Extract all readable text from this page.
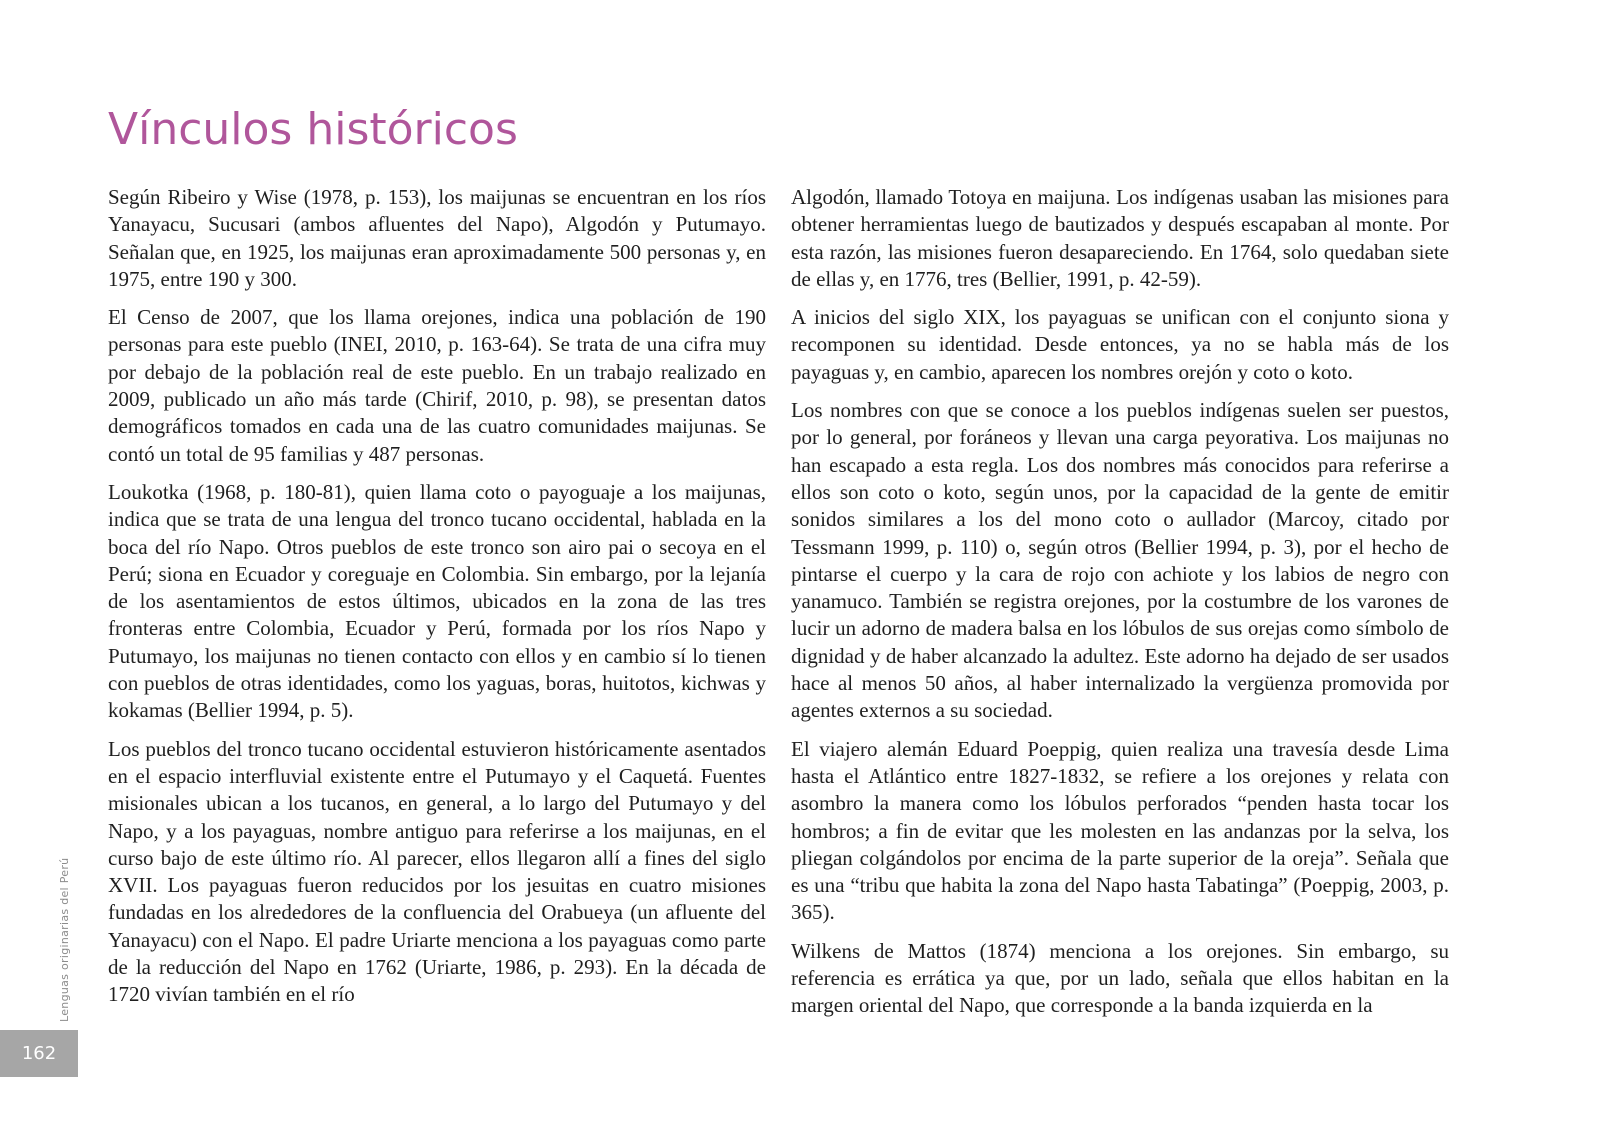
Vínculos históricos

Según Ribeiro y Wise (1978, p. 153), los maijunas se encuentran en los ríos Yanayacu, Sucusari (ambos afluentes del Napo), Algodón y Putumayo. Señalan que, en 1925, los maijunas eran aproximadamente 500 personas y, en 1975, entre 190 y 300.

El Censo de 2007, que los llama orejones, indica una población de 190 personas para este pueblo (INEI, 2010, p. 163-64). Se trata de una cifra muy por debajo de la población real de este pueblo. En un trabajo realizado en 2009, publicado un año más tarde (Chirif, 2010, p. 98), se presentan datos demográficos tomados en cada una de las cuatro comunidades maijunas. Se contó un total de 95 familias y 487 personas.

Loukotka (1968, p. 180-81), quien llama coto o payoguaje a los maijunas, indica que se trata de una lengua del tronco tucano occidental, hablada en la boca del río Napo. Otros pueblos de este tronco son airo pai o secoya en el Perú; siona en Ecuador y coreguaje en Colombia. Sin embargo, por la lejanía de los asentamientos de estos últimos, ubicados en la zona de las tres fronteras entre Colombia, Ecuador y Perú, formada por los ríos Napo y Putumayo, los maijunas no tienen contacto con ellos y en cambio sí lo tienen con pueblos de otras identidades, como los yaguas, boras, huitotos, kichwas y kokamas (Bellier 1994, p. 5).

Los pueblos del tronco tucano occidental estuvieron históricamente asentados en el espacio interfluvial existente entre el Putumayo y el Caquetá. Fuentes misionales ubican a los tucanos, en general, a lo largo del Putumayo y del Napo, y a los payaguas, nombre antiguo para referirse a los maijunas, en el curso bajo de este último río. Al parecer, ellos llegaron allí a fines del siglo XVII. Los payaguas fueron reducidos por los jesuitas en cuatro misiones fundadas en los alrededores de la confluencia del Orabueya (un afluente del Yanayacu) con el Napo. El padre Uriarte menciona a los payaguas como parte de la reducción del Napo en 1762 (Uriarte, 1986, p. 293). En la década de 1720 vivían también en el río

Algodón, llamado Totoya en maijuna. Los indígenas usaban las misiones para obtener herramientas luego de bautizados y después escapaban al monte. Por esta razón, las misiones fueron desapareciendo. En 1764, solo quedaban siete de ellas y, en 1776, tres (Bellier, 1991, p. 42-59).

A inicios del siglo XIX, los payaguas se unifican con el conjunto siona y recomponen su identidad. Desde entonces, ya no se habla más de los payaguas y, en cambio, aparecen los nombres orejón y coto o koto.

Los nombres con que se conoce a los pueblos indígenas suelen ser puestos, por lo general, por foráneos y llevan una carga peyorativa. Los maijunas no han escapado a esta regla. Los dos nombres más conocidos para referirse a ellos son coto o koto, según unos, por la capacidad de la gente de emitir sonidos similares a los del mono coto o aullador (Marcoy, citado por Tessmann 1999, p. 110) o, según otros (Bellier 1994, p. 3), por el hecho de pintarse el cuerpo y la cara de rojo con achiote y los labios de negro con yanamuco. También se registra orejones, por la costumbre de los varones de lucir un adorno de madera balsa en los lóbulos de sus orejas como símbolo de dignidad y de haber alcanzado la adultez. Este adorno ha dejado de ser usados hace al menos 50 años, al haber internalizado la vergüenza promovida por agentes externos a su sociedad.

El viajero alemán Eduard Poeppig, quien realiza una travesía desde Lima hasta el Atlántico entre 1827-1832, se refiere a los orejones y relata con asombro la manera como los lóbulos perforados “penden hasta tocar los hombros; a fin de evitar que les molesten en las andanzas por la selva, los pliegan colgándolos por encima de la parte superior de la oreja”. Señala que es una “tribu que habita la zona del Napo hasta Tabatinga” (Poeppig, 2003, p. 365).

Wilkens de Mattos (1874) menciona a los orejones. Sin embargo, su referencia es errática ya que, por un lado, señala que ellos habitan en la margen oriental del Napo, que corresponde a la banda izquierda en la

Lenguas originarias del Perú
162
